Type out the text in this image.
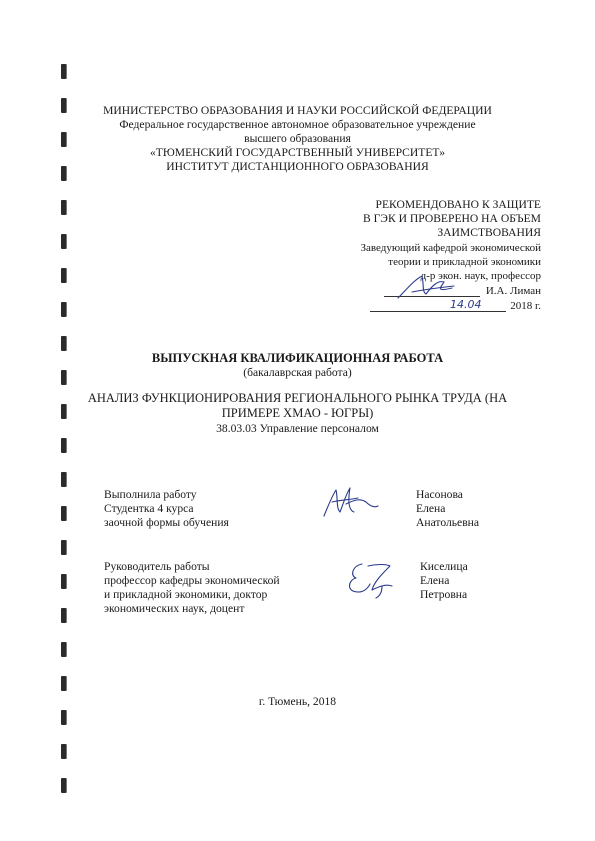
МИНИСТЕРСТВО ОБРАЗОВАНИЯ И НАУКИ РОССИЙСКОЙ ФЕДЕРАЦИИ
Федеральное государственное автономное образовательное учреждение
высшего образования
«ТЮМЕНСКИЙ ГОСУДАРСТВЕННЫЙ УНИВЕРСИТЕТ»
ИНСТИТУТ ДИСТАНЦИОННОГО ОБРАЗОВАНИЯ
РЕКОМЕНДОВАНО К ЗАЩИТЕ
В ГЭК И ПРОВЕРЕНО НА ОБЪЕМ
ЗАИМСТВОВАНИЯ
Заведующий кафедрой экономической
теории и прикладной экономики
д-р экон. наук, профессор
И.А. Лиман
14.04	2018 г.
ВЫПУСКНАЯ КВАЛИФИКАЦИОННАЯ РАБОТА
(бакалаврская работа)
АНАЛИЗ ФУНКЦИОНИРОВАНИЯ РЕГИОНАЛЬНОГО РЫНКА ТРУДА (НА
ПРИМЕРЕ ХМАО - ЮГРЫ)
38.03.03 Управление персоналом
Выполнила работу
Студентка 4 курса
заочной формы обучения
Насонова
Елена
Анатольевна
Руководитель работы
профессор кафедры экономической
и прикладной экономики, доктор
экономических наук, доцент
Киселица
Елена
Петровна
г. Тюмень, 2018
